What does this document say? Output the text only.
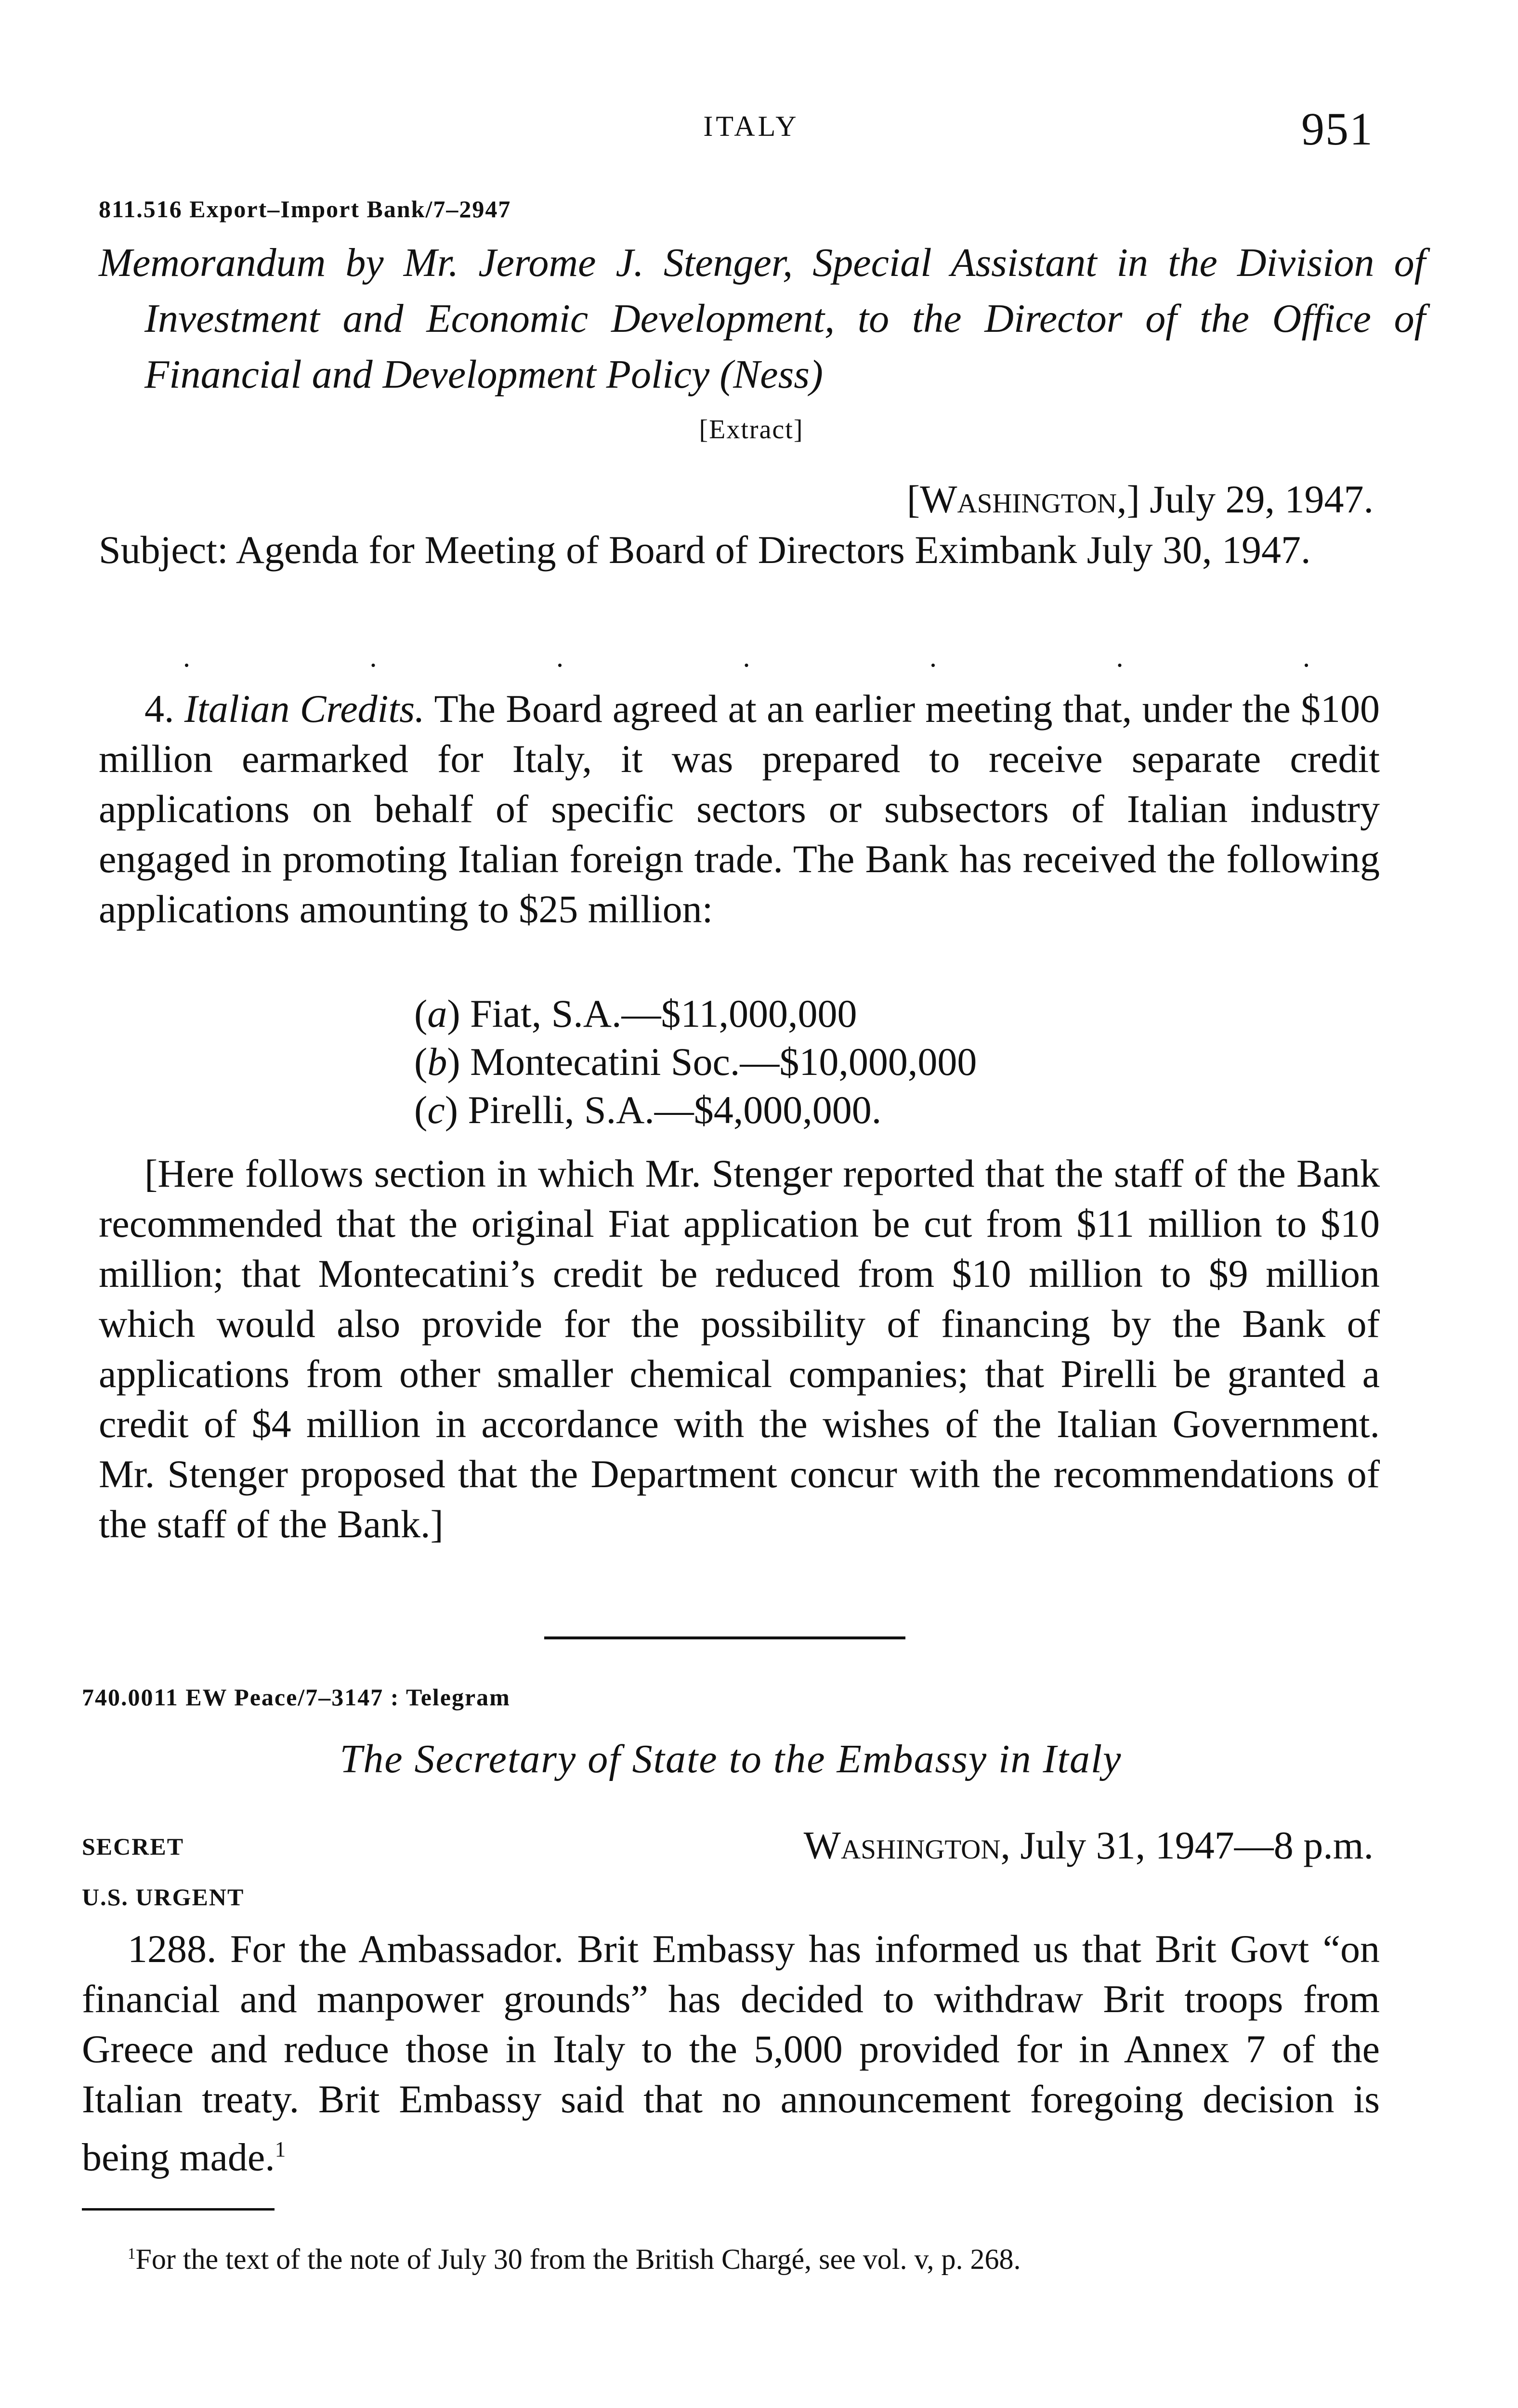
ITALY	951
811.516 Export–Import Bank/7–2947
Memorandum by Mr. Jerome J. Stenger, Special Assistant in the Division of Investment and Economic Development, to the Director of the Office of Financial and Development Policy (Ness)
[Extract]
[Washington,] July 29, 1947.
Subject: Agenda for Meeting of Board of Directors Eximbank July 30, 1947.
.	.	.	.	.	.	.
4. Italian Credits. The Board agreed at an earlier meeting that, under the $100 million earmarked for Italy, it was prepared to receive separate credit applications on behalf of specific sectors or subsectors of Italian industry engaged in promoting Italian foreign trade. The Bank has received the following applications amounting to $25 million:
(a) Fiat, S.A.—$11,000,000
(b) Montecatini Soc.—$10,000,000
(c) Pirelli, S.A.—$4,000,000.
[Here follows section in which Mr. Stenger reported that the staff of the Bank recommended that the original Fiat application be cut from $11 million to $10 million; that Montecatini’s credit be reduced from $10 million to $9 million which would also provide for the possibility of financing by the Bank of applications from other smaller chemical companies; that Pirelli be granted a credit of $4 million in accordance with the wishes of the Italian Government. Mr. Stenger proposed that the Department concur with the recommendations of the staff of the Bank.]
740.0011 EW Peace/7–3147 : Telegram
The Secretary of State to the Embassy in Italy
SECRET	Washington, July 31, 1947—8 p.m.
U.S. URGENT
1288. For the Ambassador. Brit Embassy has informed us that Brit Govt “on financial and manpower grounds” has decided to withdraw Brit troops from Greece and reduce those in Italy to the 5,000 provided for in Annex 7 of the Italian treaty. Brit Embassy said that no announcement foregoing decision is being made.$^1$
$^1$For the text of the note of July 30 from the British Chargé, see vol. v, p. 268.
